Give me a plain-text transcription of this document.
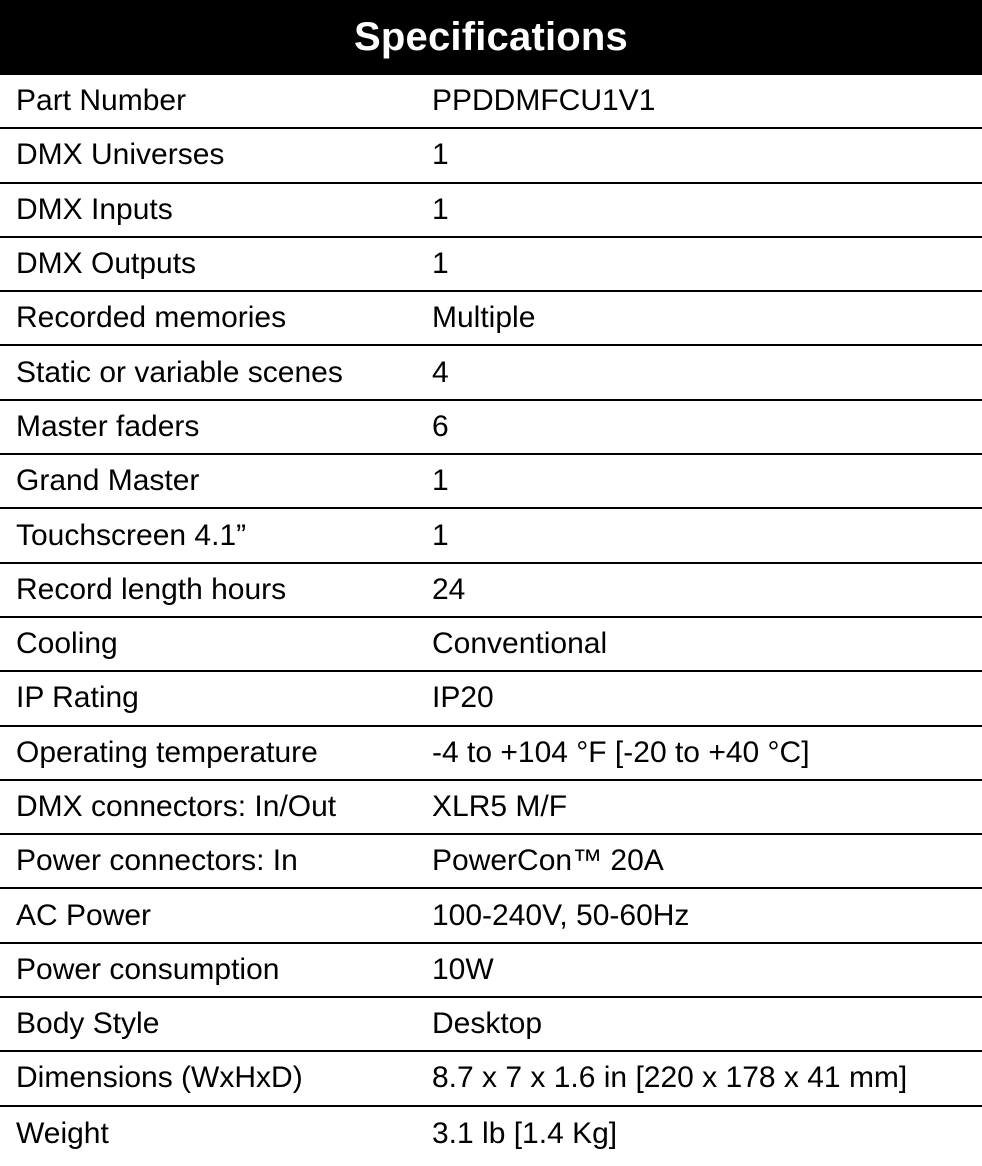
Specifications
Part Number	PPDDMFCU1V1
DMX Universes	1
DMX Inputs	1
DMX Outputs	1
Recorded memories	Multiple
Static or variable scenes	4
Master faders	6
Grand Master	1
Touchscreen 4.1”	1
Record length hours	24
Cooling	Conventional
IP Rating	IP20
Operating temperature	-4 to +104 °F [-20 to +40 °C]
DMX connectors: In/Out	XLR5 M/F
Power connectors: In	PowerCon™ 20A
AC Power	100-240V, 50-60Hz
Power consumption	10W
Body Style	Desktop
Dimensions (WxHxD)	8.7 x 7 x 1.6 in [220 x 178 x 41 mm]
Weight	3.1 lb [1.4 Kg]
